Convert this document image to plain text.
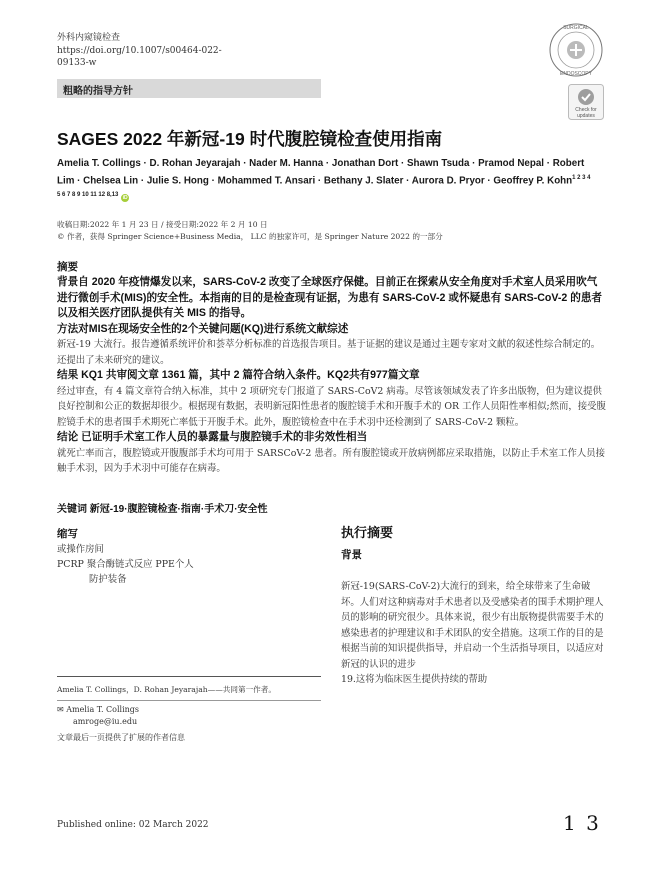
外科内窥镜检查
https://doi.org/10.1007/s00464-022-
09133-w
SURGICAL
ENDOSCOPY
粗略的指导方针
Check for
updates
SAGES 2022 年新冠-19 时代腹腔镜检查使用指南
Amelia T. Collings · D. Rohan Jeyarajah · Nader M. Hanna · Jonathan Dort · Shawn Tsuda · Pramod Nepal · Robert
Lim · Chelsea Lin · Julie S. Hong · Mohammed T. Ansari · Bethany J. Slater · Aurora D. Pryor · Geoffrey P. Kohn$^{1 2 3 4}$
$^{5 6 7 8 9 10 11 12 8,13}$ iD
收稿日期:2022 年 1 月 23 日 / 接受日期:2022 年 2 月 10 日
© 作者，获得 Springer Science+Business Media， LLC 的独家许可，是 Springer Nature 2022 的一部分
摘要
背景自 2020 年疫情爆发以来，SARS-CoV-2 改变了全球医疗保健。目前正在探索从安全角度对手术室人员采用吹气进行微创手术(MIS)的安全性。本指南的目的是检查现有证据，为患有 SARS-CoV-2 或怀疑患有 SARS-CoV-2 的患者以及相关医疗团队提供有关 MIS 的指导。
方法对MIS在现场安全性的2个关键问题(KQ)进行系统文献综述
新冠-19 大流行。报告遵循系统评价和荟萃分析标准的首选报告项目。基于证据的建议是通过主题专家对文献的叙述性综合制定的。还提出了未来研究的建议。
结果 KQ1 共审阅文章 1361 篇，其中 2 篇符合纳入条件。KQ2共有977篇文章
经过审查，有 4 篇文章符合纳入标准，其中 2 项研究专门报道了 SARS-CoV2 病毒。尽管该领域发表了许多出版物，但为建议提供良好控制和公正的数据却很少。根据现有数据，表明新冠阳性患者的腹腔镜手术和开腹手术的 OR 工作人员阳性率相似;然而，接受腹腔镜手术的患者围手术期死亡率低于开腹手术。此外，腹腔镜检查中在手术羽中还检测到了 SARS-CoV-2 颗粒。
结论 已证明手术室工作人员的暴露量与腹腔镜手术的非劣效性相当
就死亡率而言，腹腔镜或开腹腹部手术均可用于 SARSCoV-2 患者。所有腹腔镜或开放病例都应采取措施，以防止手术室工作人员接触手术羽，因为手术羽中可能存在病毒。
关键词 新冠-19·腹腔镜检查·指南·手术刀·安全性
缩写
或操作房间
PCRP 聚合酶链式反应 PPE个人
防护装备
Amelia T. Collings，D. Rohan Jeyarajah——共同第一作者。
✉ Amelia T. Collings
amroge@iu.edu
文章最后一页提供了扩展的作者信息
执行摘要
背景
新冠-19(SARS-CoV-2)大流行的到来，给全球带来了生命破坏。人们对这种病毒对手术患者以及受感染者的围手术期护理人员的影响的研究很少。具体来说，很少有出版物提供需要手术的感染患者的护理建议和手术团队的安全措施。这项工作的目的是根据当前的知识提供指导，并启动一个生活指导项目，以适应对新冠的认识的进步
19.这将为临床医生提供持续的帮助
Published online: 02 March 2022	1 3
